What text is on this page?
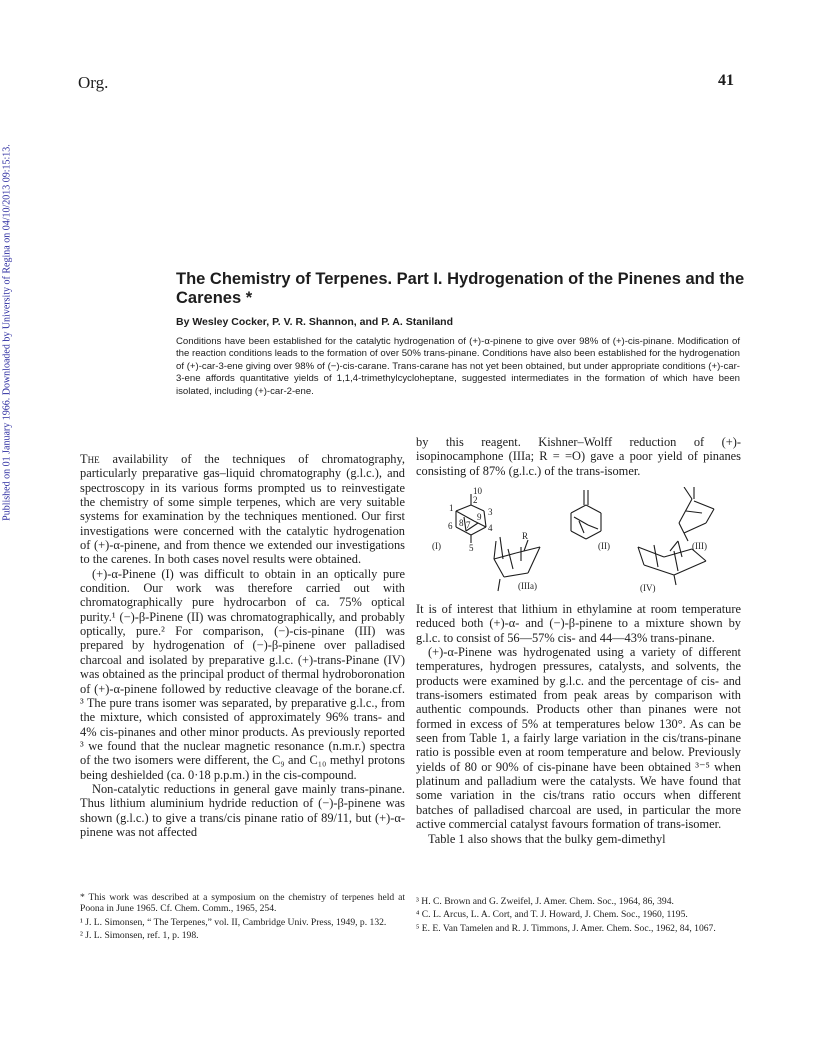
Org.	41
Published on 01 January 1966. Downloaded by University of Regina on 04/10/2013 09:15:13.	The Chemistry of Terpenes. Part I. Hydrogenation of the Pinenes and the Carenes *
By Wesley Cocker, P. V. R. Shannon, and P. A. Staniland
Conditions have been established for the catalytic hydrogenation of (+)-α-pinene to give over 98% of (+)-cis-pinane. Modification of the reaction conditions leads to the formation of over 50% trans-pinane. Conditions have also been established for the hydrogenation of (+)-car-3-ene giving over 98% of (−)-cis-carane. Trans-carane has not yet been obtained, but under appropriate conditions (+)-car-3-ene affords quantitative yields of 1,1,4-trimethylcycloheptane, suggested intermediates in the formation of which have been isolated, including (+)-car-2-ene.

The availability of the techniques of chromatography, particularly preparative gas–liquid chromatography (g.l.c.), and spectroscopy in its various forms prompted us to reinvestigate the chemistry of some simple terpenes, which are very suitable systems for examination by the techniques mentioned. Our first investigations were concerned with the catalytic hydrogenation of (+)-α-pinene, and from thence we extended our investigations to the carenes. In both cases novel results were obtained.

(+)-α-Pinene (I) was difficult to obtain in an optically pure condition. Our work was therefore carried out with chromatographically pure hydrocarbon of ca. 75% optical purity.¹ (−)-β-Pinene (II) was chromatographically, and probably optically, pure.² For comparison, (−)-cis-pinane (III) was prepared by hydrogenation of (−)-β-pinene over palladised charcoal and isolated by preparative g.l.c. (+)-trans-Pinane (IV) was obtained as the principal product of thermal hydroboronation of (+)-α-pinene followed by reductive cleavage of the borane.cf. ³ The pure trans isomer was separated, by preparative g.l.c., from the mixture, which consisted of approximately 96% trans- and 4% cis-pinanes and other minor products. As previously reported ³ we found that the nuclear magnetic resonance (n.m.r.) spectra of the two isomers were different, the C₉ and C₁₀ methyl protons being deshielded (ca. 0·18 p.p.m.) in the cis-compound.

Non-catalytic reductions in general gave mainly trans-pinane. Thus lithium aluminium hydride reduction of (−)-β-pinene was shown (g.l.c.) to give a trans/cis pinane ratio of 89/11, but (+)-α-pinene was not affected

by this reagent. Kishner–Wolff reduction of (+)-isopinocamphone (IIIa; R = =O) gave a poor yield of pinanes consisting of 87% (g.l.c.) of the trans-isomer.

10
2
1	3
9
8 7
6	4
5
(I)	(II)	(III)
R
(IIIa)	(IV)

It is of interest that lithium in ethylamine at room temperature reduced both (+)-α- and (−)-β-pinene to a mixture shown by g.l.c. to consist of 56—57% cis- and 44—43% trans-pinane.

(+)-α-Pinene was hydrogenated using a variety of different temperatures, hydrogen pressures, catalysts, and solvents, the products were examined by g.l.c. and the percentage of cis- and trans-isomers estimated from peak areas by comparison with authentic compounds. Products other than pinanes were not formed in excess of 5% at temperatures below 130°. As can be seen from Table 1, a fairly large variation in the cis/trans-pinane ratio is possible even at room temperature and below. Previously yields of 80 or 90% of cis-pinane have been obtained ³⁻⁵ when platinum and palladium were the catalysts. We have found that some variation in the cis/trans ratio occurs when different batches of palladised charcoal are used, in particular the more active commercial catalyst favours formation of trans-isomer.

Table 1 also shows that the bulky gem-dimethyl

* This work was described at a symposium on the chemistry of terpenes held at Poona in June 1965. Cf. Chem. Comm., 1965, 254.

¹ J. L. Simonsen, “ The Terpenes,” vol. II, Cambridge Univ. Press, 1949, p. 132.

² J. L. Simonsen, ref. 1, p. 198.

³ H. C. Brown and G. Zweifel, J. Amer. Chem. Soc., 1964, 86, 394.

⁴ C. L. Arcus, L. A. Cort, and T. J. Howard, J. Chem. Soc., 1960, 1195.

⁵ E. E. Van Tamelen and R. J. Timmons, J. Amer. Chem. Soc., 1962, 84, 1067.
